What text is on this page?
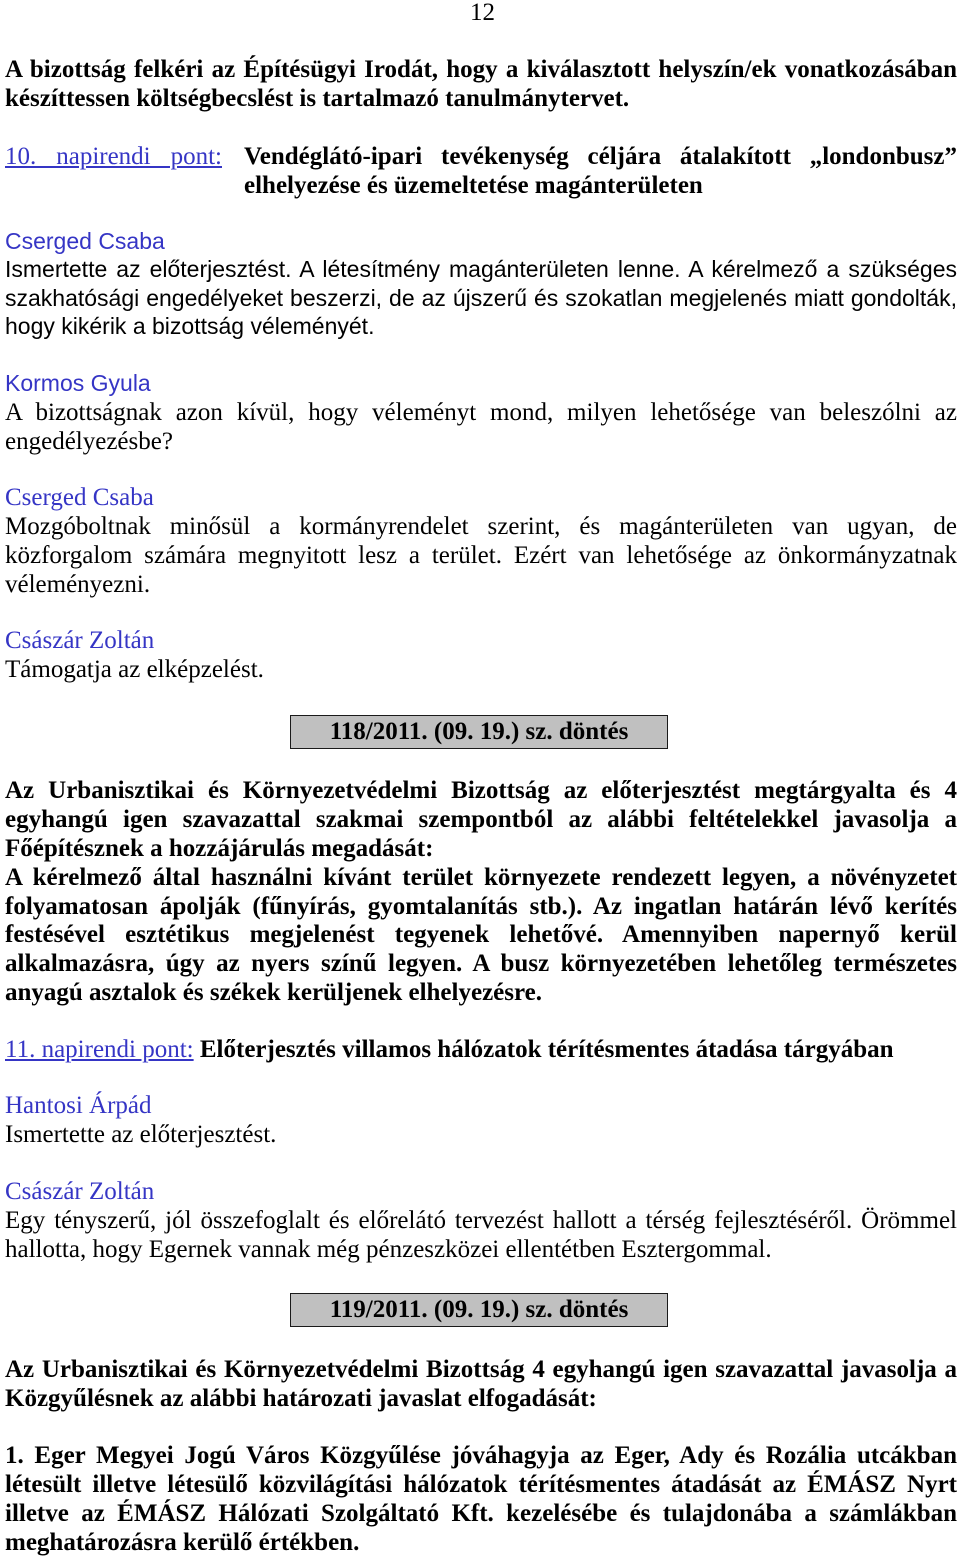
12
A bizottság felkéri az Építésügyi Irodát, hogy a kiválasztott helyszín/ek vonatkozásában
készíttessen költségbecslést is tartalmazó tanulmánytervet.
10. napirendi pont: Vendéglátó-ipari tevékenység céljára átalakított „londonbusz”
elhelyezése és üzemeltetése magánterületen
Cserged Csaba
Ismertette az előterjesztést. A létesítmény magánterületen lenne. A kérelmező a szükséges
szakhatósági engedélyeket beszerzi, de az újszerű és szokatlan megjelenés miatt gondolták,
hogy kikérik a bizottság véleményét.
Kormos Gyula
A bizottságnak azon kívül, hogy véleményt mond, milyen lehetősége van beleszólni az
engedélyezésbe?
Cserged Csaba
Mozgóboltnak minősül a kormányrendelet szerint, és magánterületen van ugyan, de
közforgalom számára megnyitott lesz a terület. Ezért van lehetősége az önkormányzatnak
véleményezni.
Császár Zoltán
Támogatja az elképzelést.
118/2011. (09. 19.) sz. döntés
Az Urbanisztikai és Környezetvédelmi Bizottság az előterjesztést megtárgyalta és 4
egyhangú igen szavazattal szakmai szempontból az alábbi feltételekkel javasolja a
Főépítésznek a hozzájárulás megadását:
A kérelmező által használni kívánt terület környezete rendezett legyen, a növényzetet
folyamatosan ápolják (fűnyírás, gyomtalanítás stb.). Az ingatlan határán lévő kerítés
festésével esztétikus megjelenést tegyenek lehetővé. Amennyiben napernyő kerül
alkalmazásra, úgy az nyers színű legyen. A busz környezetében lehetőleg természetes
anyagú asztalok és székek kerüljenek elhelyezésre.
11. napirendi pont: Előterjesztés villamos hálózatok térítésmentes átadása tárgyában
Hantosi Árpád
Ismertette az előterjesztést.
Császár Zoltán
Egy tényszerű, jól összefoglalt és előrelátó tervezést hallott a térség fejlesztéséről. Örömmel
hallotta, hogy Egernek vannak még pénzeszközei ellentétben Esztergommal.
119/2011. (09. 19.) sz. döntés
Az Urbanisztikai és Környezetvédelmi Bizottság 4 egyhangú igen szavazattal javasolja a
Közgyűlésnek az alábbi határozati javaslat elfogadását:
1. Eger Megyei Jogú Város Közgyűlése jóváhagyja az Eger, Ady és Rozália utcákban
létesült illetve létesülő közvilágítási hálózatok térítésmentes átadását az ÉMÁSZ Nyrt
illetve az ÉMÁSZ Hálózati Szolgáltató Kft. kezelésébe és tulajdonába a számlákban
meghatározásra kerülő értékben.
